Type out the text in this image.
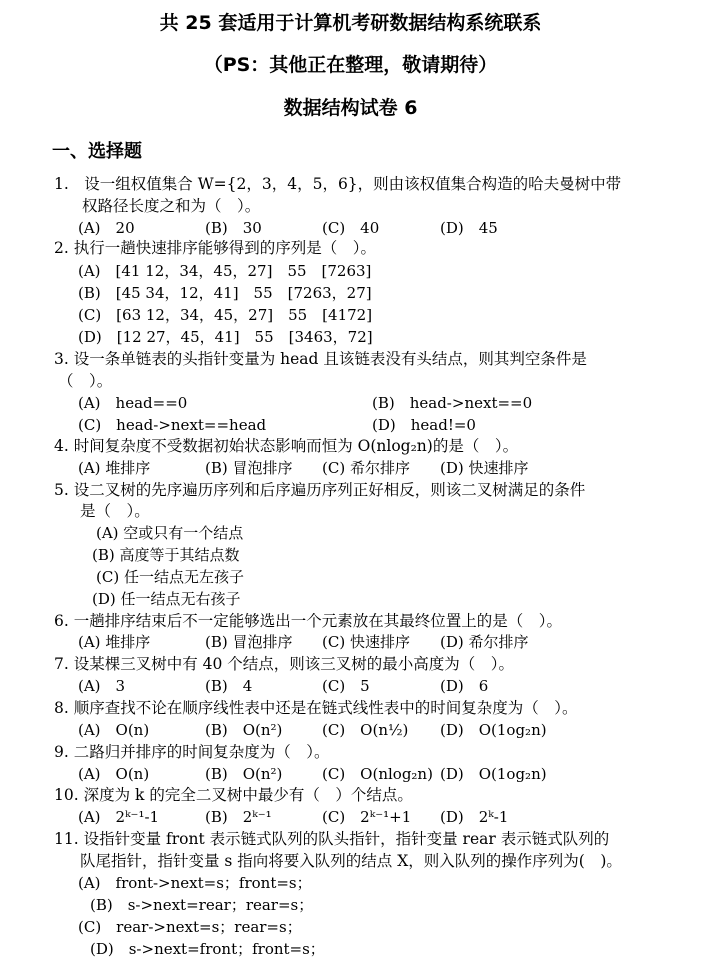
共 25 套适用于计算机考研数据结构系统联系
（PS：其他正在整理，敬请期待）
数据结构试卷 6
一、选择题
1.　设一组权值集合 W={2，3，4，5，6}，则由该权值集合构造的哈夫曼树中带
权路径长度之和为（　）。
(A)　20	(B)　30	(C)　40	(D)　45
2. 执行一趟快速排序能够得到的序列是（　）。
(A)　[41 12，34，45，27]　55　[7263]
(B)　[45 34，12，41]　55　[7263，27]
(C)　[63 12，34，45，27]　55　[4172]
(D)　[12 27，45，41]　55　[3463，72]
3. 设一条单链表的头指针变量为 head 且该链表没有头结点，则其判空条件是
（　）。
(A)　head==0	(B)　head->next==0
(C)　head->next==head	(D)　head!=0
4. 时间复杂度不受数据初始状态影响而恒为 O(nlog₂n)的是（　）。
(A) 堆排序	(B) 冒泡排序 (C) 希尔排序 (D) 快速排序
5. 设二叉树的先序遍历序列和后序遍历序列正好相反，则该二叉树满足的条件
是（　）。
(A) 空或只有一个结点
(B) 高度等于其结点数
(C) 任一结点无左孩子
(D) 任一结点无右孩子
6. 一趟排序结束后不一定能够选出一个元素放在其最终位置上的是（　）。
(A) 堆排序	(B) 冒泡排序 (C) 快速排序 (D) 希尔排序
7. 设某棵三叉树中有 40 个结点，则该三叉树的最小高度为（　）。
(A)　3	(B)　4	(C)　5	(D)　6
8. 顺序查找不论在顺序线性表中还是在链式线性表中的时间复杂度为（　）。
(A)　O(n)	(B)　O(n²)	(C)　O(n½) (D)　O(1og₂n)
9. 二路归并排序的时间复杂度为（　）。
(A)　O(n)	(B)　O(n²)	(C)　O(nlog₂n) (D)　O(1og₂n)
10. 深度为 k 的完全二叉树中最少有（　）个结点。
(A)　2ᵏ⁻¹-1	(B)　2ᵏ⁻¹	(C)　2ᵏ⁻¹+1 (D)　2ᵏ-1
11. 设指针变量 front 表示链式队列的队头指针，指针变量 rear 表示链式队列的
队尾指针，指针变量 s 指向将要入队列的结点 X，则入队列的操作序列为(　)。
(A)　front->next=s；front=s；
(B)　s->next=rear；rear=s；
(C)　rear->next=s；rear=s；
(D)　s->next=front；front=s；
